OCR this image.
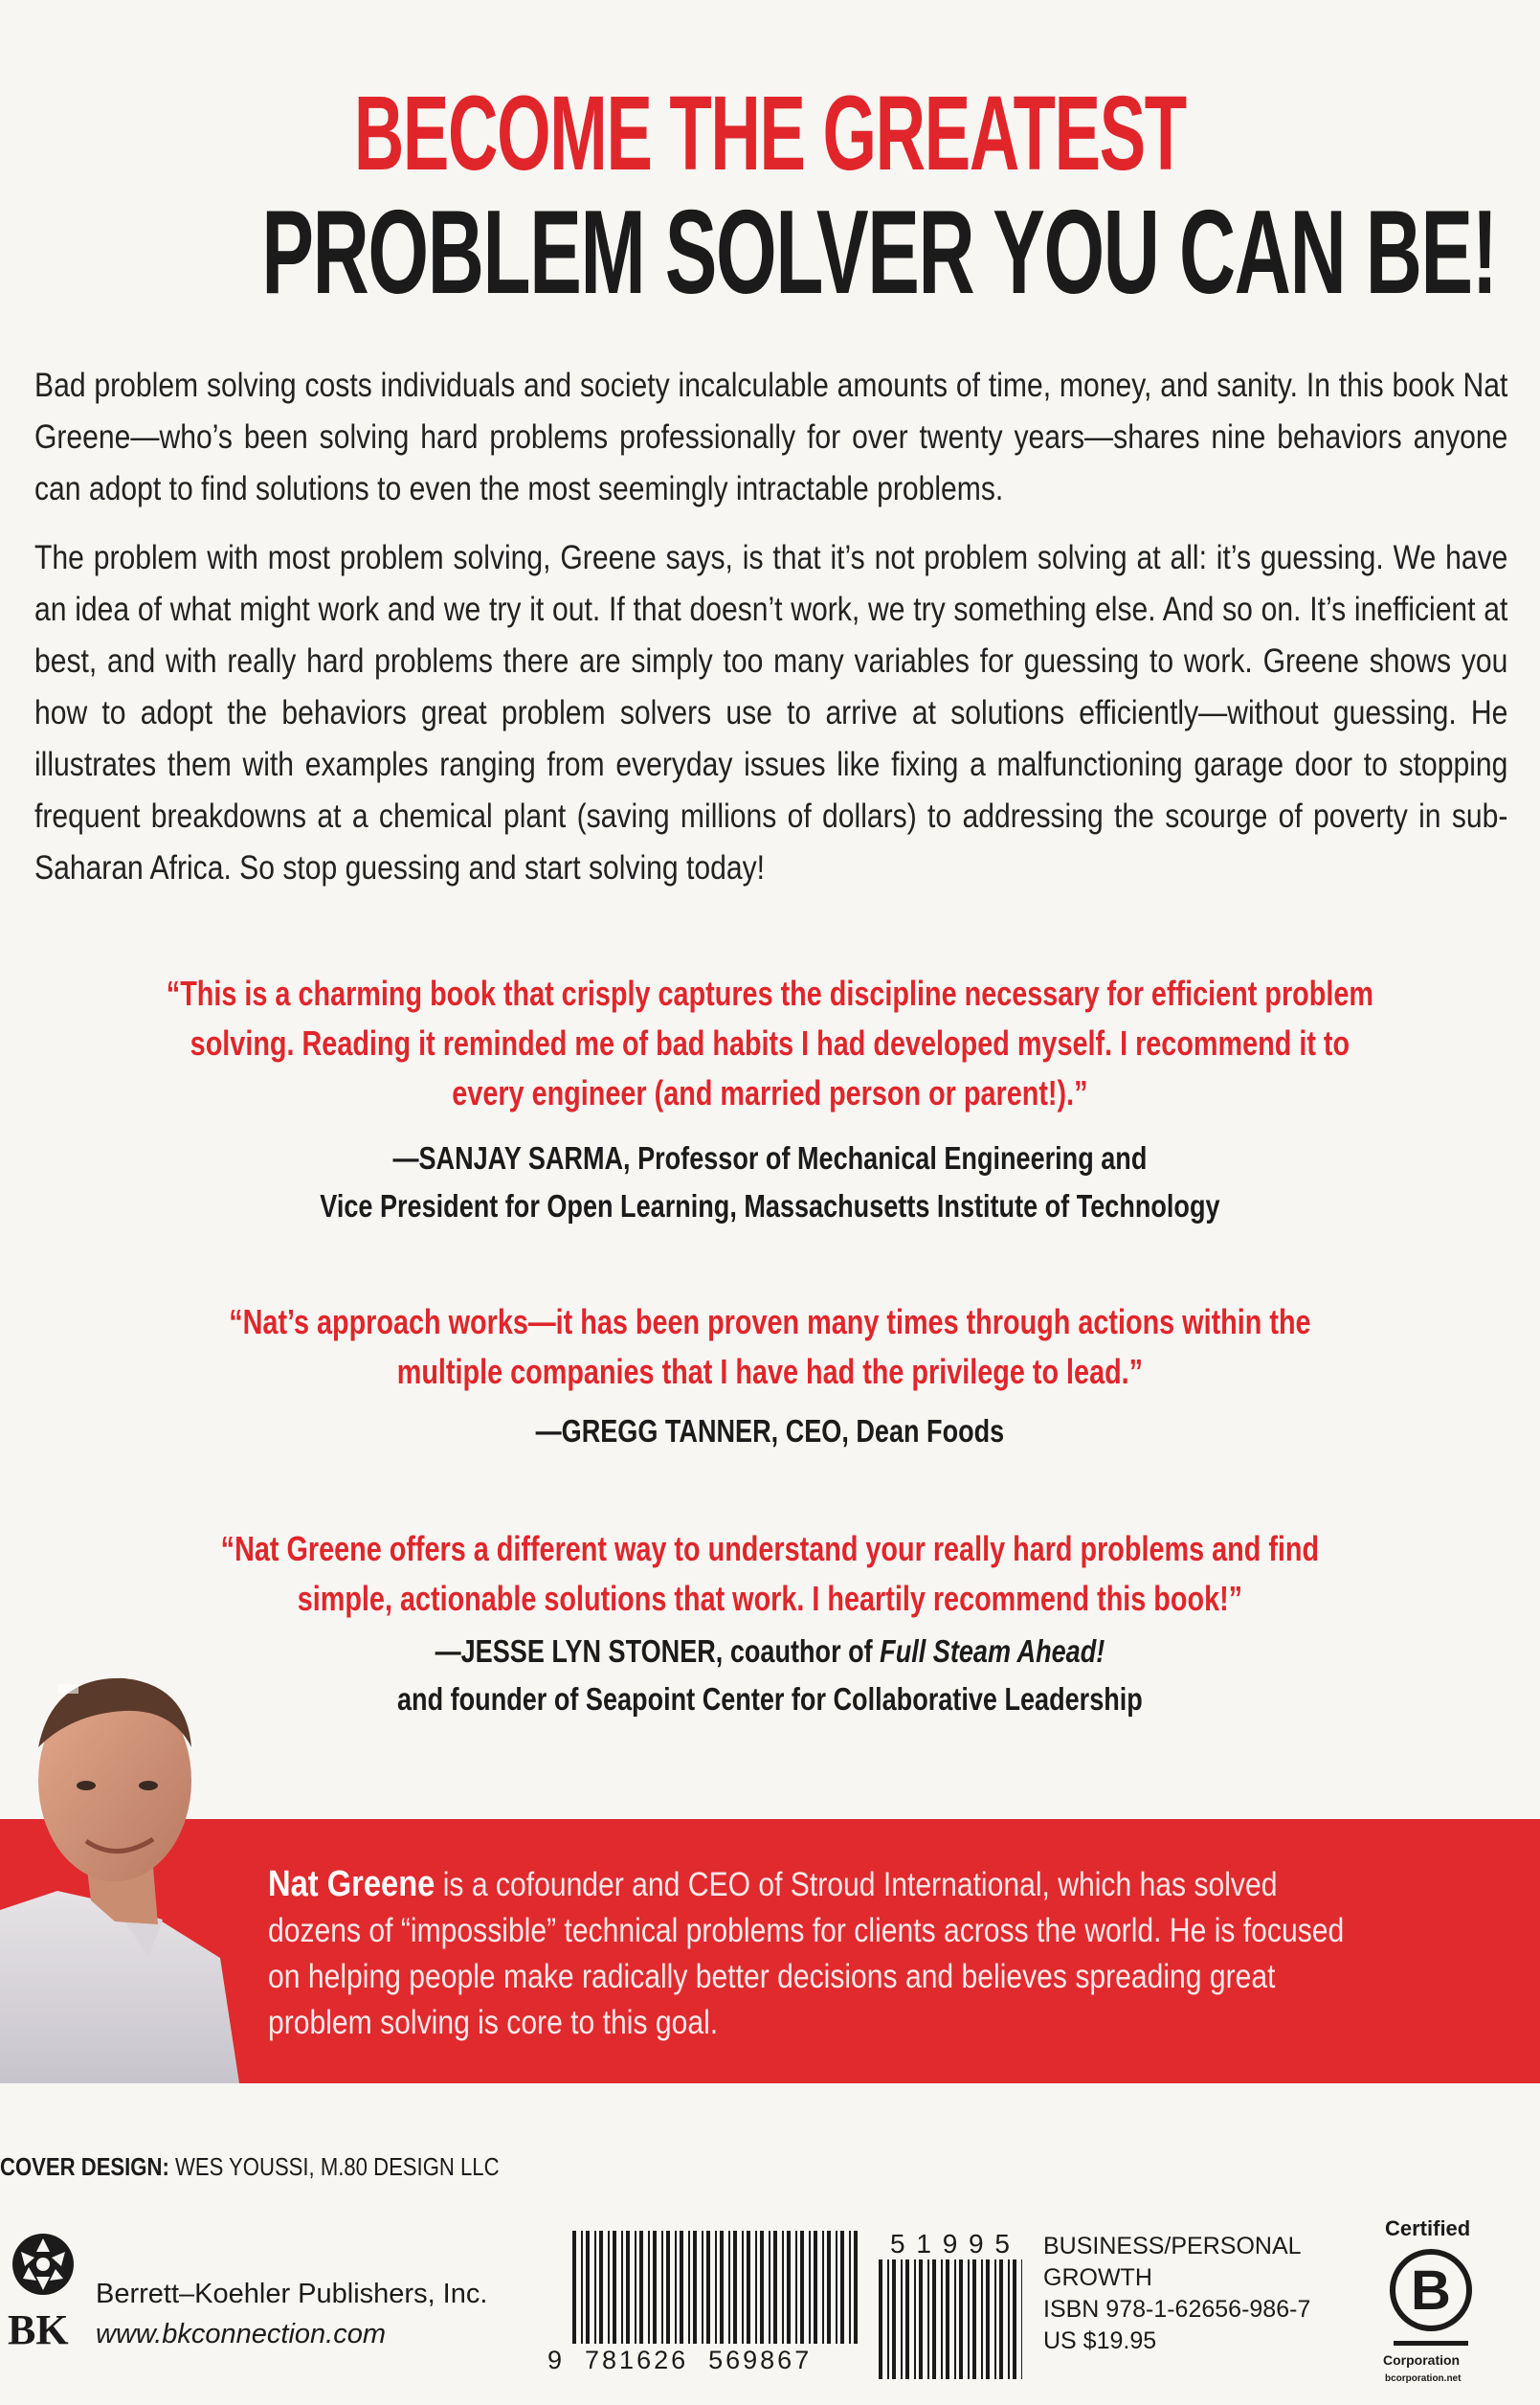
BECOME THE GREATEST
PROBLEM SOLVER YOU CAN BE!

Bad problem solving costs individuals and society incalculable amounts of time, money, and sanity. In this book Nat Greene—who’s been solving hard problems professionally for over twenty years—shares nine behaviors anyone can adopt to find solutions to even the most seemingly intractable problems.

The problem with most problem solving, Greene says, is that it’s not problem solving at all: it’s guessing. We have an idea of what might work and we try it out. If that doesn’t work, we try something else. And so on. It’s inefficient at best, and with really hard problems there are simply too many variables for guessing to work. Greene shows you how to adopt the behaviors great problem solvers use to arrive at solutions efficiently—without guessing. He illustrates them with examples ranging from everyday issues like fixing a malfunctioning garage door to stopping frequent breakdowns at a chemical plant (saving millions of dollars) to addressing the scourge of poverty in sub-Saharan Africa. So stop guessing and start solving today!

“This is a charming book that crisply captures the discipline necessary for efficient problem
solving. Reading it reminded me of bad habits I had developed myself. I recommend it to
every engineer (and married person or parent!).”
—SANJAY SARMA, Professor of Mechanical Engineering and
Vice President for Open Learning, Massachusetts Institute of Technology
“Nat’s approach works—it has been proven many times through actions within the
multiple companies that I have had the privilege to lead.”
—GREGG TANNER, CEO, Dean Foods
“Nat Greene offers a different way to understand your really hard problems and find
simple, actionable solutions that work. I heartily recommend this book!”
—JESSE LYN STONER, coauthor of Full Steam Ahead!
and founder of Seapoint Center for Collaborative Leadership
Nat Greene is a cofounder and CEO of Stroud International, which has solved
dozens of “impossible” technical problems for clients across the world. He is focused
on helping people make radically better decisions and believes spreading great
problem solving is core to this goal.
COVER DESIGN: WES YOUSSI, M.80 DESIGN LLC
BK
Berrett–Koehler Publishers, Inc.
www.bkconnection.com
9  781626  569867
5 1 9 9 5 BUSINESS/PERSONAL
GROWTH
ISBN 978-1-62656-986-7
US $19.95
Certified
B
Corporation
bcorporation.net
